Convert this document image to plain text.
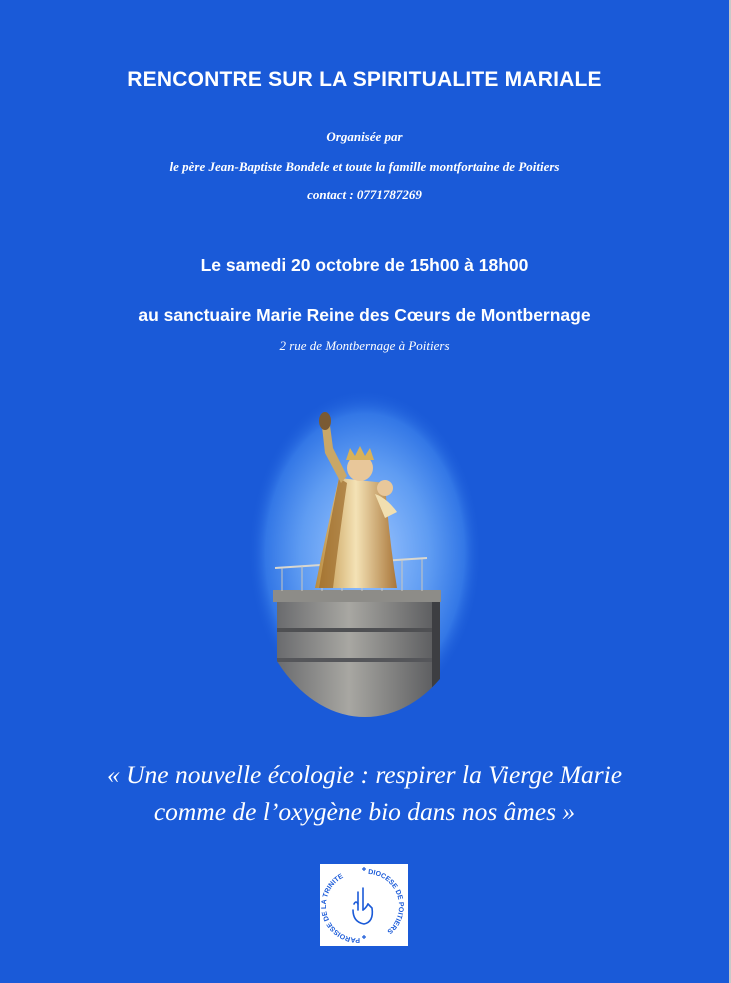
RENCONTRE SUR LA SPIRITUALITE MARIALE
Organisée par
le père Jean-Baptiste Bondele et toute la famille montfortaine de Poitiers
contact : 0771787269
Le samedi 20 octobre de 15h00 à 18h00
au sanctuaire Marie Reine des Cœurs de Montbernage
2 rue de Montbernage à Poitiers
« Une nouvelle écologie : respirer la Vierge Marie
comme de l’oxygène bio dans nos âmes »
PAROISSE DE LA TRINITE
DIOCESE DE POITIERS
